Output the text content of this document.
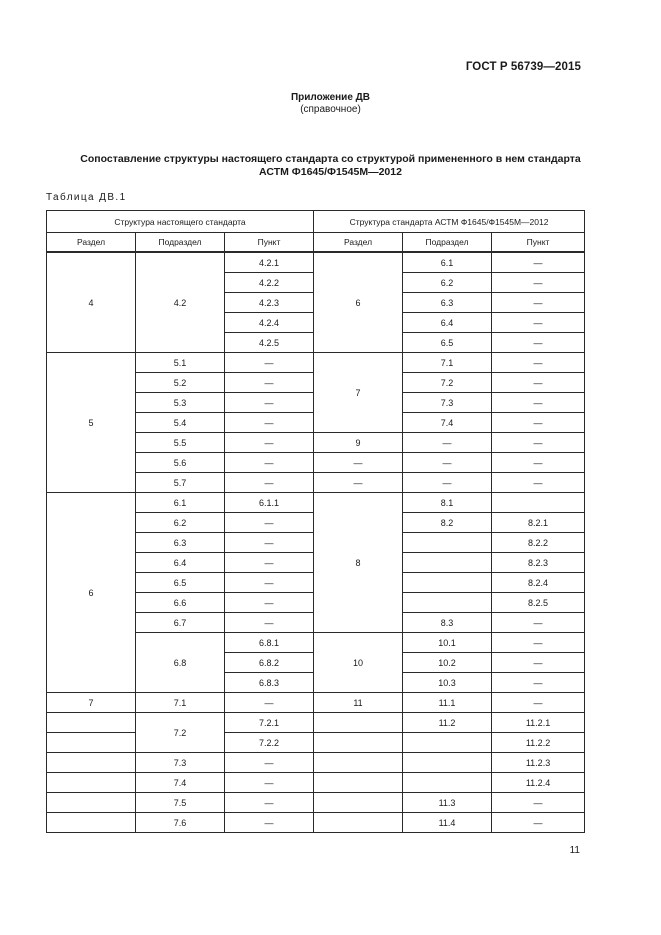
ГОСТ Р 56739—2015
Приложение ДВ
(справочное)
Сопоставление структуры настоящего стандарта со структурой примененного в нем стандарта
АСТМ Ф1645/Ф1545М—2012
Таблица ДВ.1
Структура настоящего стандарта			Структура стандарта АСТМ Ф1645/Ф1545М—2012		
Раздел	Подраздел	Пункт	Раздел	Подраздел	Пункт
4	4.2	4.2.1	6	6.1	—
		4.2.2		6.2	—
		4.2.3		6.3	—
		4.2.4		6.4	—
		4.2.5		6.5	—
5	5.1	—	7	7.1	—
	5.2	—		7.2	—
	5.3	—		7.3	—
	5.4	—		7.4	—
	5.5	—	9	—	—
	5.6	—	—	—	—
	5.7	—	—	—	—
6	6.1	6.1.1	8	8.1	
	6.2	—		8.2	8.2.1
	6.3	—			8.2.2
	6.4	—			8.2.3
	6.5	—			8.2.4
	6.6	—			8.2.5
	6.7	—		8.3	—
	6.8	6.8.1	10	10.1	—
		6.8.2		10.2	—
		6.8.3		10.3	—
7	7.1	—	11	11.1	—
	7.2	7.2.1		11.2	11.2.1
		7.2.2			11.2.2
	7.3	—			11.2.3
	7.4	—			11.2.4
	7.5	—		11.3	—
	7.6	—		11.4	—
11
